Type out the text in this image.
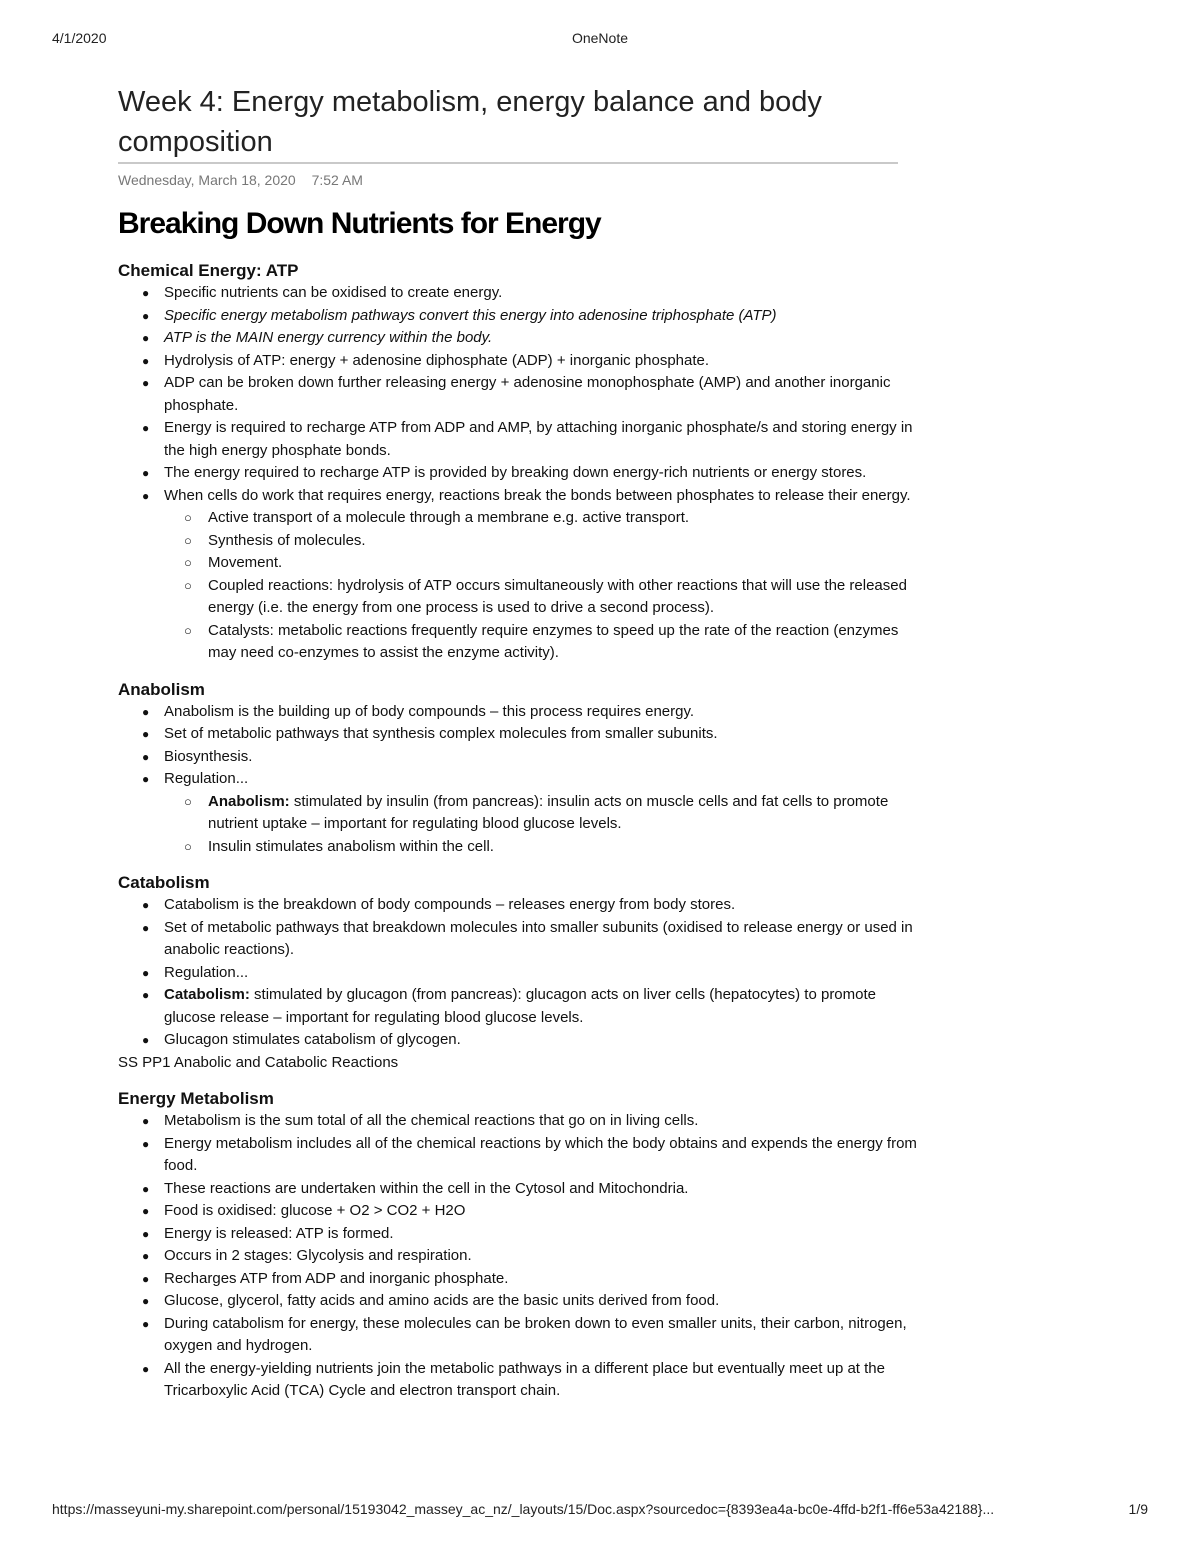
4/1/2020	OneNote
Week 4: Energy metabolism, energy balance and body composition
Wednesday, March 18, 2020 7:52 AM
Breaking Down Nutrients for Energy
Chemical Energy: ATP
● Specific nutrients can be oxidised to create energy.
● Specific energy metabolism pathways convert this energy into adenosine triphosphate (ATP)
● ATP is the MAIN energy currency within the body.
● Hydrolysis of ATP: energy + adenosine diphosphate (ADP) + inorganic phosphate.
● ADP can be broken down further releasing energy + adenosine monophosphate (AMP) and another inorganic phosphate.
● Energy is required to recharge ATP from ADP and AMP, by attaching inorganic phosphate/s and storing energy in the high energy phosphate bonds.
● The energy required to recharge ATP is provided by breaking down energy-rich nutrients or energy stores.
● When cells do work that requires energy, reactions break the bonds between phosphates to release their energy.
○ Active transport of a molecule through a membrane e.g. active transport.
○ Synthesis of molecules.
○ Movement.
○ Coupled reactions: hydrolysis of ATP occurs simultaneously with other reactions that will use the released energy (i.e. the energy from one process is used to drive a second process).
○ Catalysts: metabolic reactions frequently require enzymes to speed up the rate of the reaction (enzymes may need co-enzymes to assist the enzyme activity).
Anabolism
● Anabolism is the building up of body compounds – this process requires energy.
● Set of metabolic pathways that synthesis complex molecules from smaller subunits.
● Biosynthesis.
● Regulation...
○ Anabolism: stimulated by insulin (from pancreas): insulin acts on muscle cells and fat cells to promote nutrient uptake – important for regulating blood glucose levels.
○ Insulin stimulates anabolism within the cell.
Catabolism
● Catabolism is the breakdown of body compounds – releases energy from body stores.
● Set of metabolic pathways that breakdown molecules into smaller subunits (oxidised to release energy or used in anabolic reactions).
● Regulation...
● Catabolism: stimulated by glucagon (from pancreas): glucagon acts on liver cells (hepatocytes) to promote glucose release – important for regulating blood glucose levels.
● Glucagon stimulates catabolism of glycogen.
SS PP1 Anabolic and Catabolic Reactions
Energy Metabolism
● Metabolism is the sum total of all the chemical reactions that go on in living cells.
● Energy metabolism includes all of the chemical reactions by which the body obtains and expends the energy from food.
● These reactions are undertaken within the cell in the Cytosol and Mitochondria.
● Food is oxidised: glucose + O2 > CO2 + H2O
● Energy is released: ATP is formed.
● Occurs in 2 stages: Glycolysis and respiration.
● Recharges ATP from ADP and inorganic phosphate.
● Glucose, glycerol, fatty acids and amino acids are the basic units derived from food.
● During catabolism for energy, these molecules can be broken down to even smaller units, their carbon, nitrogen, oxygen and hydrogen.
● All the energy-yielding nutrients join the metabolic pathways in a different place but eventually meet up at the Tricarboxylic Acid (TCA) Cycle and electron transport chain.
https://masseyuni-my.sharepoint.com/personal/15193042_massey_ac_nz/_layouts/15/Doc.aspx?sourcedoc={8393ea4a-bc0e-4ffd-b2f1-ff6e53a42188}...	1/9
